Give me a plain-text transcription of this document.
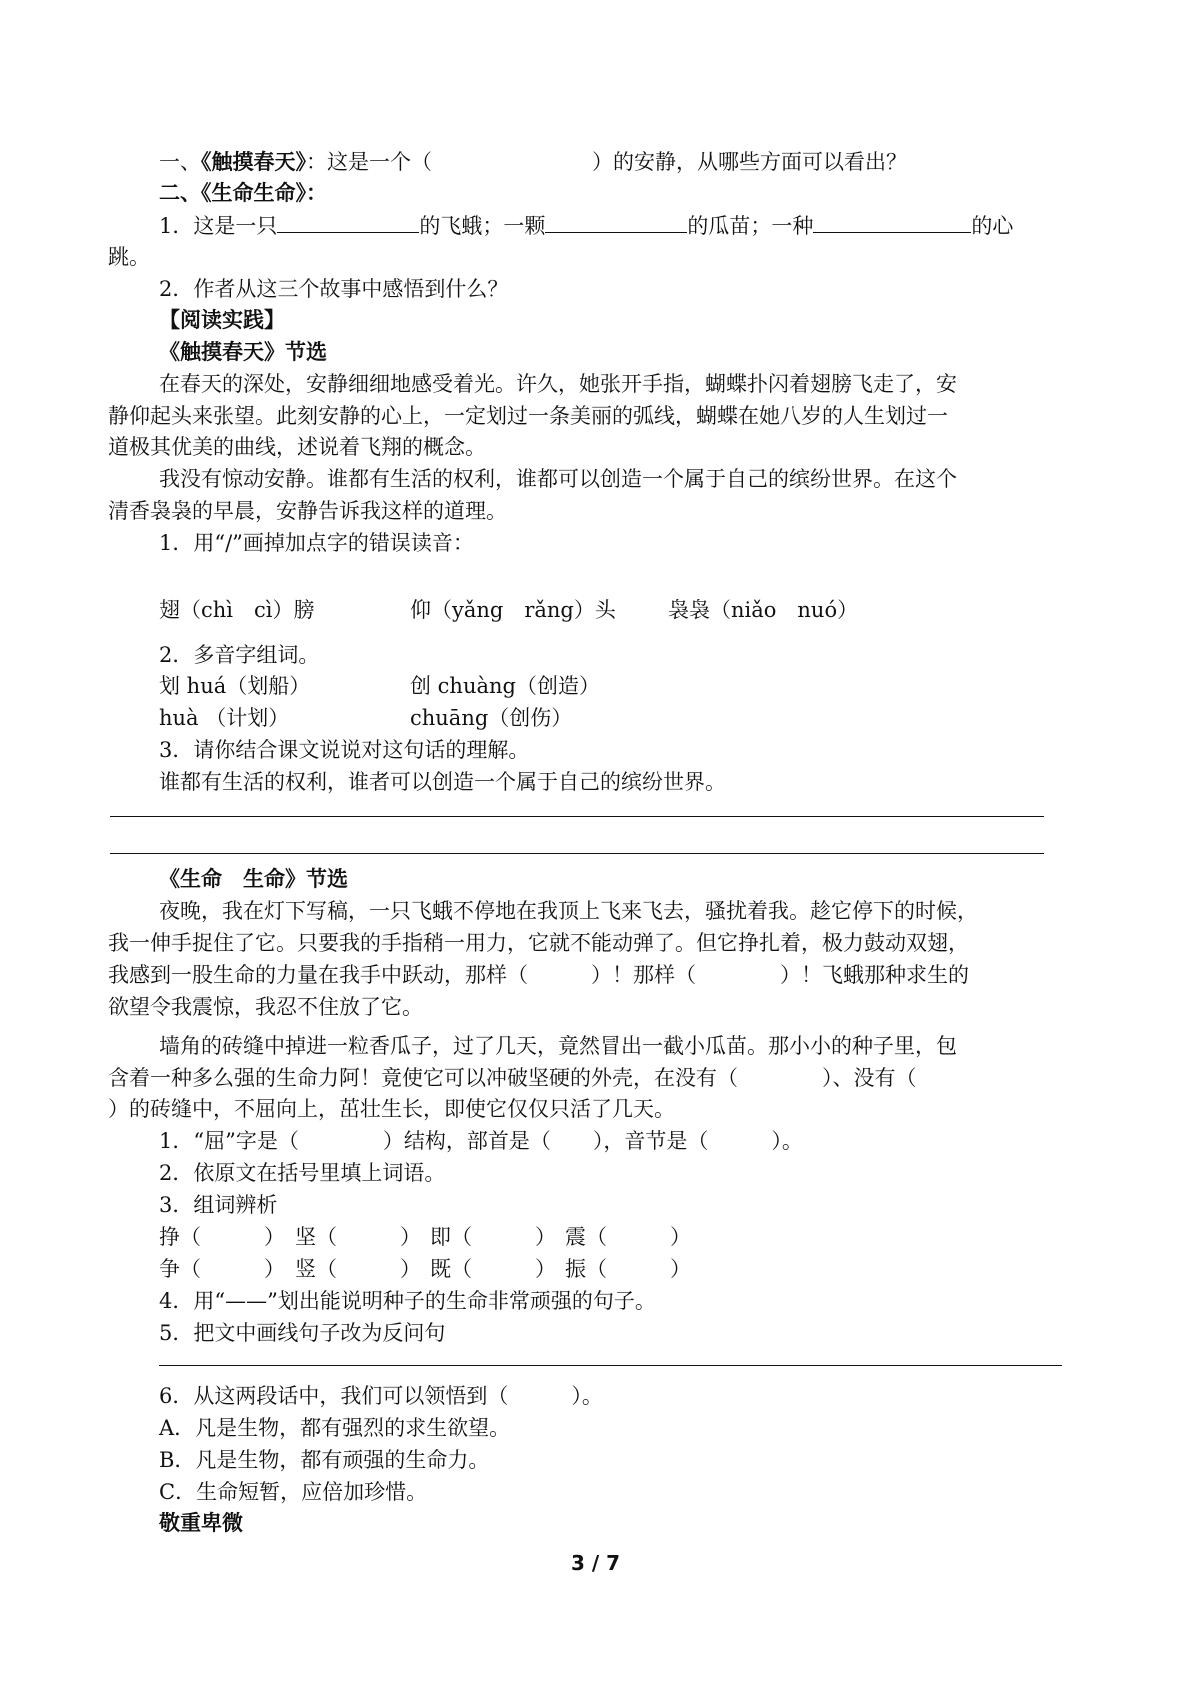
一、《触摸春天》：这是一个（	）的安静，从哪些方面可以看出？
二、《生命生命》：
1．这是一只	的飞蛾；一颗	的瓜苗；一种	的心
跳。
2．作者从这三个故事中感悟到什么？
【阅读实践】
《触摸春天》节选
在春天的深处，安静细细地感受着光。许久，她张开手指，蝴蝶扑闪着翅膀飞走了，安
静仰起头来张望。此刻安静的心上，一定划过一条美丽的弧线，蝴蝶在她八岁的人生划过一
道极其优美的曲线，述说着飞翔的概念。
我没有惊动安静。谁都有生活的权利，谁都可以创造一个属于自己的缤纷世界。在这个
清香袅袅的早晨，安静告诉我这样的道理。
1．用“/”画掉加点字的错误读音：
翅（chì　cì）膀	仰（yǎng　rǎng）头 袅袅（niǎo　nuó）
2．多音字组词。
划 huá（划船）	创 chuàng（创造）
huà （计划）	chuāng（创伤）
3．请你结合课文说说对这句话的理解。
谁都有生活的权利，谁者可以创造一个属于自己的缤纷世界。
《生命　生命》节选
夜晚，我在灯下写稿，一只飞蛾不停地在我顶上飞来飞去，骚扰着我。趁它停下的时候，
我一伸手捉住了它。只要我的手指稍一用力，它就不能动弹了。但它挣扎着，极力鼓动双翅，
我感到一股生命的力量在我手中跃动，那样（　　　）！那样（　　　　）！飞蛾那种求生的
欲望令我震惊，我忍不住放了它。
墙角的砖缝中掉进一粒香瓜子，过了几天，竟然冒出一截小瓜苗。那小小的种子里，包
含着一种多么强的生命力阿！竟使它可以冲破坚硬的外壳，在没有（　　　　）、没有（
）的砖缝中，不屈向上，茁壮生长，即使它仅仅只活了几天。
1．“屈”字是（　　　　）结构，部首是（　　），音节是（　　　）。
2．依原文在括号里填上词语。
3．组词辨析
挣（　　　） 坚（　　　） 即（　　　） 震（　　　）
争（　　　） 竖（　　　） 既（　　　） 振（　　　）
4．用“——”划出能说明种子的生命非常顽强的句子。
5．把文中画线句子改为反问句
6．从这两段话中，我们可以领悟到（　　　）。
A．凡是生物，都有强烈的求生欲望。
B．凡是生物，都有顽强的生命力。
C．生命短暂，应倍加珍惜。
敬重卑微
3 / 7
